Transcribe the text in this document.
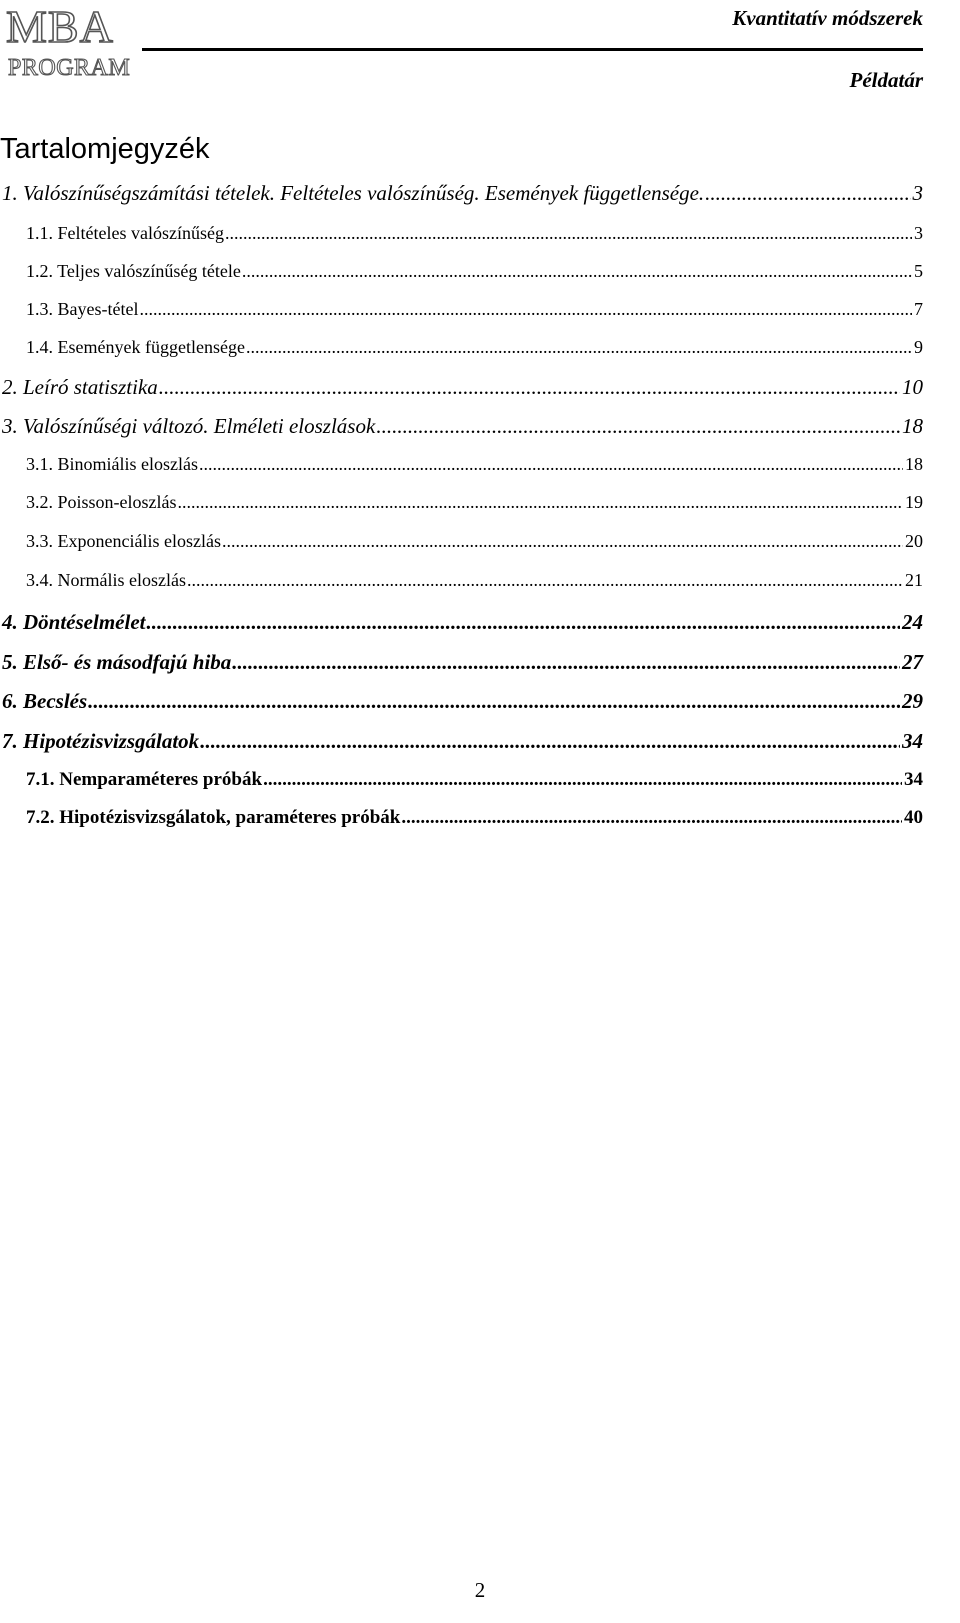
MBA
PROGRAM
Kvantitatív módszerek
Példatár
Tartalomjegyzék
1. Valószínűségszámítási tételek. Feltételes valószínűség. Események függetlensége. .....	3
1.1. Feltételes valószínűség .....	3
1.2. Teljes valószínűség tétele .....	5
1.3. Bayes-tétel .....	7
1.4. Események függetlensége .....	9
2. Leíró statisztika .....	10
3. Valószínűségi változó. Elméleti eloszlások .....	18
3.1. Binomiális eloszlás .....	18
3.2. Poisson-eloszlás .....	19
3.3. Exponenciális eloszlás .....	20
3.4. Normális eloszlás .....	21
4. Döntéselmélet .....	24
5. Első- és másodfajú hiba .....	27
6. Becslés .....	29
7. Hipotézisvizsgálatok .....	34
7.1. Nemparaméteres próbák .....	34
7.2. Hipotézisvizsgálatok, paraméteres próbák .....	40
2
